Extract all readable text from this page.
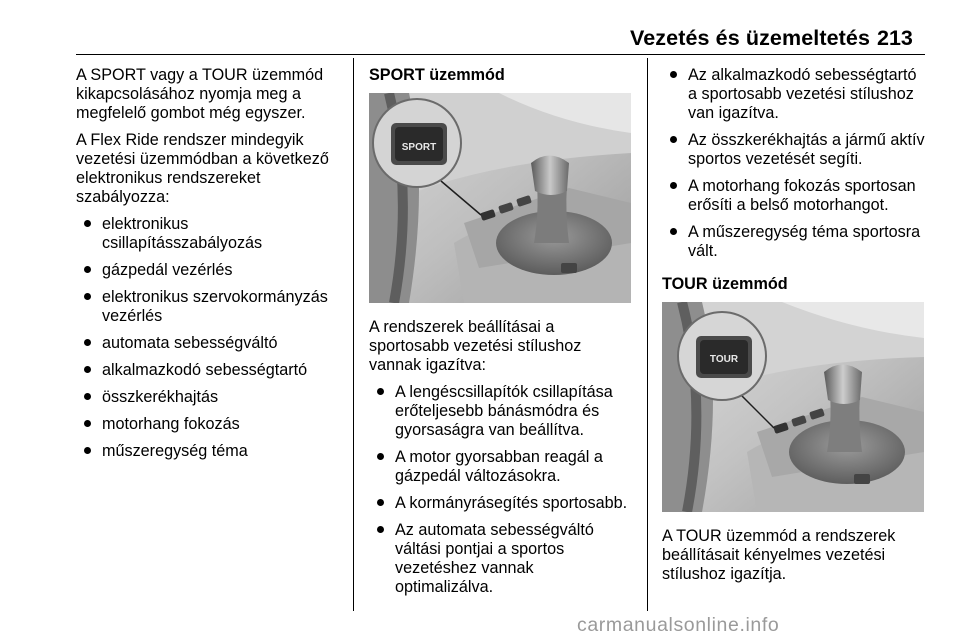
Vezetés és üzemeltetés 213

A SPORT vagy a TOUR üzemmód kikapcsolásához nyomja meg a megfelelő gombot még egyszer.

A Flex Ride rendszer mindegyik vezetési üzemmódban a következő elektronikus rendszereket szabályozza:

elektronikus csillapításszabályozás
gázpedál vezérlés
elektronikus szervokormányzás vezérlés
automata sebességváltó
alkalmazkodó sebességtartó
összkerékhajtás
motorhang fokozás
műszeregység téma
SPORT üzemmód
SPORT

A rendszerek beállításai a sportosabb vezetési stílushoz vannak igazítva:

A lengéscsillapítók csillapítása erőteljesebb bánásmódra és gyorsaságra van beállítva.
A motor gyorsabban reagál a gázpedál változásokra.
A kormányrásegítés sportosabb.
Az automata sebességváltó váltási pontjai a sportos vezetéshez vannak optimalizálva.
Az alkalmazkodó sebességtartó a sportosabb vezetési stílushoz van igazítva.
Az összkerékhajtás a jármű aktív sportos vezetését segíti.
A motorhang fokozás sportosan erősíti a belső motorhangot.
A műszeregység téma sportosra vált.
TOUR üzemmód
TOUR

A TOUR üzemmód a rendszerek beállításait kényelmes vezetési stílushoz igazítja.

carmanualsonline.info
